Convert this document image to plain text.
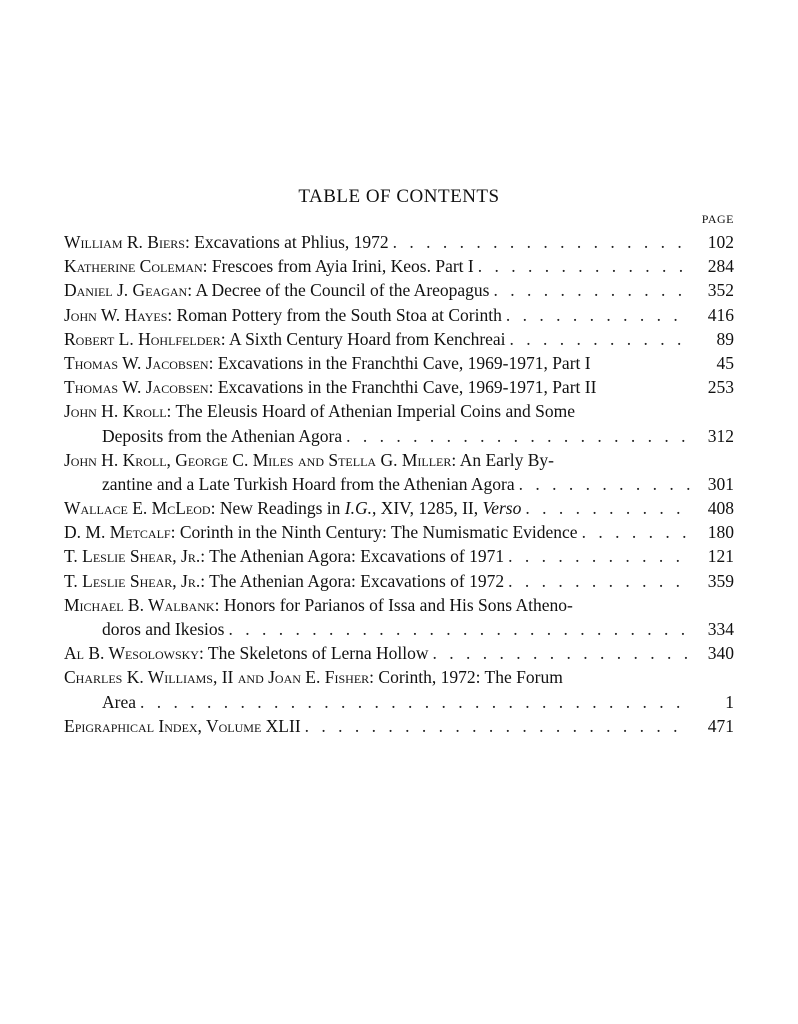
TABLE OF CONTENTS
PAGE
William R. Biers: Excavations at Phlius, 1972 . . .	102
Katherine Coleman: Frescoes from Ayia Irini, Keos. Part I . . .	284
Daniel J. Geagan: A Decree of the Council of the Areopagus . . .	352
John W. Hayes: Roman Pottery from the South Stoa at Corinth . . .	416
Robert L. Hohlfelder: A Sixth Century Hoard from Kenchreai . . .	89
Thomas W. Jacobsen: Excavations in the Franchthi Cave, 1969-1971, Part I	45
Thomas W. Jacobsen: Excavations in the Franchthi Cave, 1969-1971, Part II	253
John H. Kroll: The Eleusis Hoard of Athenian Imperial Coins and Some
Deposits from the Athenian Agora . . .	312
John H. Kroll, George C. Miles and Stella G. Miller: An Early By-
zantine and a Late Turkish Hoard from the Athenian Agora . . .	301
Wallace E. McLeod: New Readings in I.G., XIV, 1285, II, Verso . . .	408
D. M. Metcalf: Corinth in the Ninth Century: The Numismatic Evidence . . .	180
T. Leslie Shear, Jr.: The Athenian Agora: Excavations of 1971 . . .	121
T. Leslie Shear, Jr.: The Athenian Agora: Excavations of 1972 . . .	359
Michael B. Walbank: Honors for Parianos of Issa and His Sons Atheno-
doros and Ikesios . . .	334
Al B. Wesolowsky: The Skeletons of Lerna Hollow . . .	340
Charles K. Williams, II and Joan E. Fisher: Corinth, 1972: The Forum
Area . . .	1
Epigraphical Index, Volume XLII . . .	471
